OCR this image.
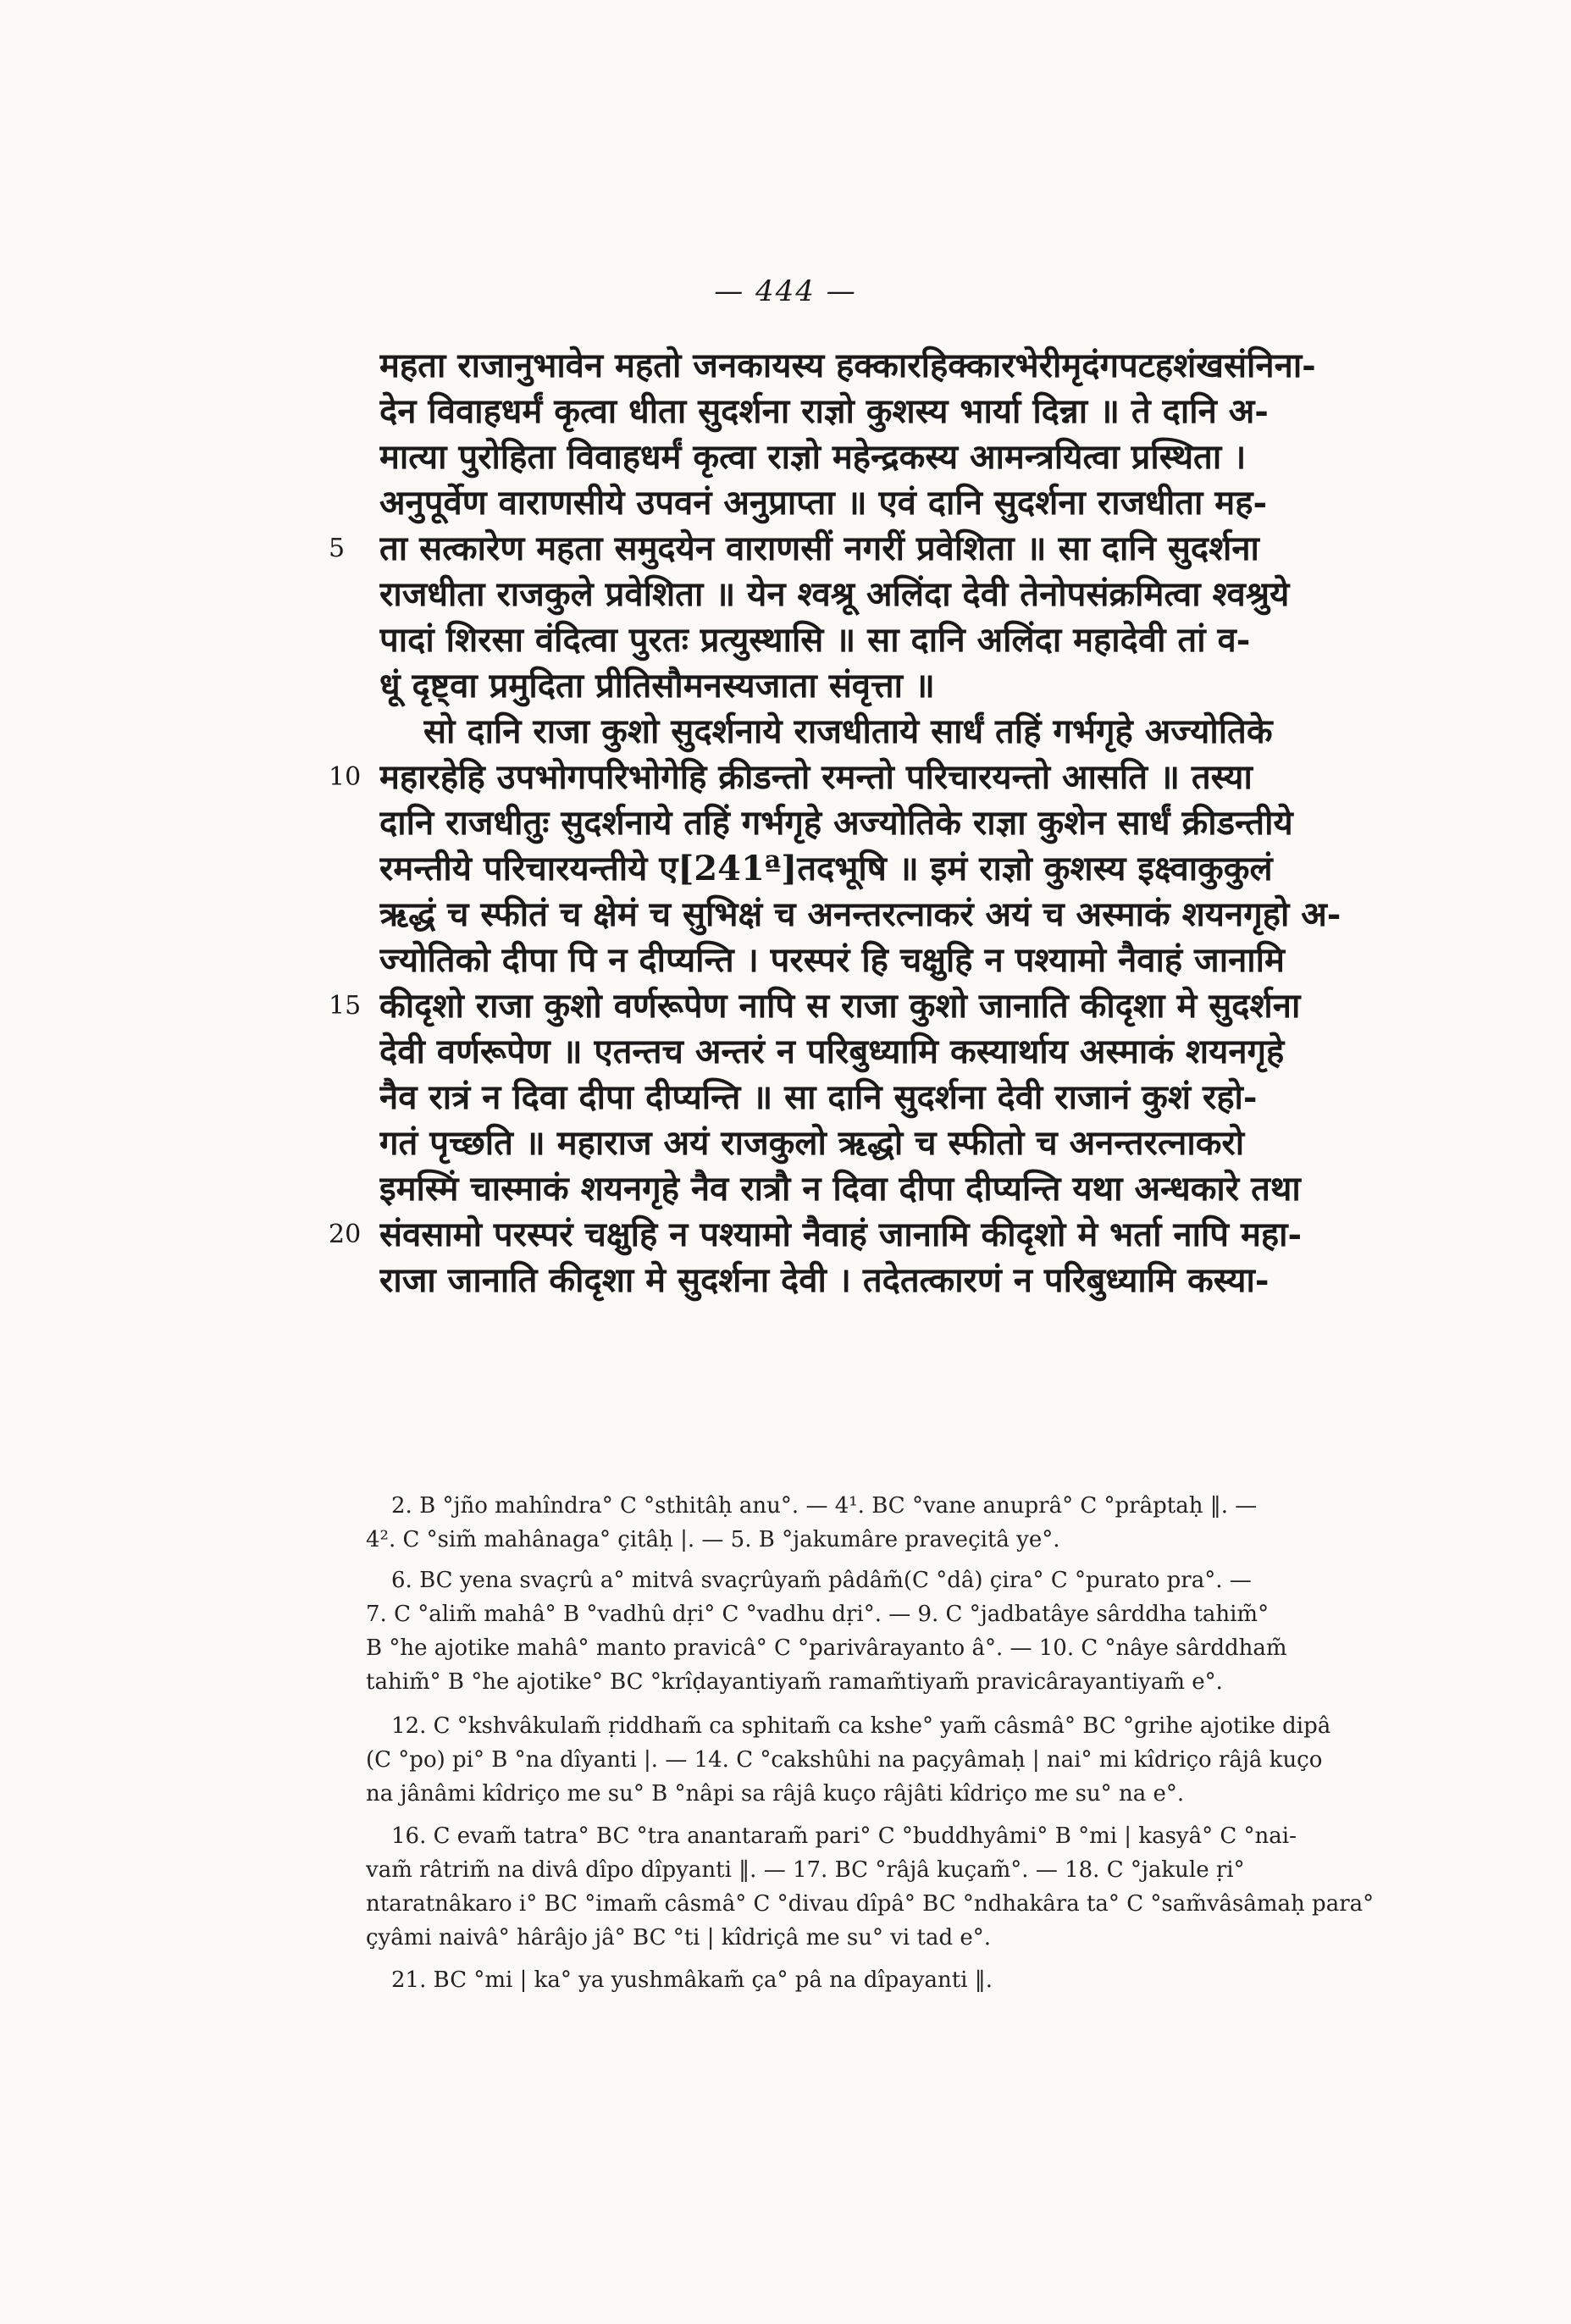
— 444 —
महता राजानुभावेन महतो जनकायस्य हक्कारहिक्कारभेरीमृदंगपटहशंखसंनिना-
देन विवाहधर्मं कृत्वा धीता सुदर्शना राज्ञो कुशस्य भार्या दिन्ना ॥ ते दानि अ-
मात्या पुरोहिता विवाहधर्मं कृत्वा राज्ञो महेन्द्रकस्य आमन्त्रयित्वा प्रस्थिता ।
अनुपूर्वेण वाराणसीये उपवनं अनुप्राप्ता ॥ एवं दानि सुदर्शना राजधीता मह-
5	ता सत्कारेण महता समुदयेन वाराणसीं नगरीं प्रवेशिता ॥ सा दानि सुदर्शना
राजधीता राजकुले प्रवेशिता ॥ येन श्वश्रू अलिंदा देवी तेनोपसंक्रमित्वा श्वश्रुये
पादां शिरसा वंदित्वा पुरतः प्रत्युस्थासि ॥ सा दानि अलिंदा महादेवी तां व-
धूं दृष्ट्वा प्रमुदिता प्रीतिसौमनस्यजाता संवृत्ता ॥
सो दानि राजा कुशो सुदर्शनाये राजधीताये सार्धं तहिं गर्भगृहे अज्योतिके
10 महारहेहि उपभोगपरिभोगेहि क्रीडन्तो रमन्तो परिचारयन्तो आसति ॥ तस्या
दानि राजधीतुः सुदर्शनाये तहिं गर्भगृहे अज्योतिके राज्ञा कुशेन सार्धं क्रीडन्तीये
रमन्तीये परिचारयन्तीये ए[241ª]तदभूषि ॥ इमं राज्ञो कुशस्य इक्ष्वाकुकुलं
ऋद्धं च स्फीतं च क्षेमं च सुभिक्षं च अनन्तरत्नाकरं अयं च अस्माकं शयनगृहो अ-
ज्योतिको दीपा पि न दीप्यन्ति । परस्परं हि चक्षुहि न पश्यामो नैवाहं जानामि
15 कीदृशो राजा कुशो वर्णरूपेण नापि स राजा कुशो जानाति कीदृशा मे सुदर्शना
देवी वर्णरूपेण ॥ एतन्तच अन्तरं न परिबुध्यामि कस्यार्थाय अस्माकं शयनगृहे
नैव रात्रं न दिवा दीपा दीप्यन्ति ॥ सा दानि सुदर्शना देवी राजानं कुशं रहो-
गतं पृच्छति ॥ महाराज अयं राजकुलो ऋद्धो च स्फीतो च अनन्तरत्नाकरो
इमस्मिं चास्माकं शयनगृहे नैव रात्रौ न दिवा दीपा दीप्यन्ति यथा अन्धकारे तथा
20 संवसामो परस्परं चक्षुहि न पश्यामो नैवाहं जानामि कीदृशो मे भर्ता नापि महा-
राजा जानाति कीदृशा मे सुदर्शना देवी । तदेतत्कारणं न परिबुध्यामि कस्या-
2. B °jño mahîndra° C °sthitâḥ anu°. — 4¹. BC °vane anuprâ° C °prâptaḥ ‖. —
4². C °sim̃ mahânaga° çitâḥ |. — 5. B °jakumâre praveçitâ ye°.
6. BC yena svaçrû a° mitvâ svaçrûyam̃ pâdâm̃(C °dâ) çira° C °purato pra°. —
7. C °alim̃ mahâ° B °vadhû dṛi° C °vadhu dṛi°. — 9. C °jadbatâye sârddha tahim̃°
B °he ajotike mahâ° manto pravicâ° C °parivârayanto â°. — 10. C °nâye sârddham̃
tahim̃° B °he ajotike° BC °krîḍayantiyam̃ ramam̃tiyam̃ pravicârayantiyam̃ e°.
12. C °kshvâkulam̃ ṛiddham̃ ca sphitam̃ ca kshe° yam̃ câsmâ° BC °grihe ajotike dipâ
(C °po) pi° B °na dîyanti |. — 14. C °cakshûhi na paçyâmaḥ | nai° mi kîdriço râjâ kuço
na jânâmi kîdriço me su° B °nâpi sa râjâ kuço râjâti kîdriço me su° na e°.
16. C evam̃ tatra° BC °tra anantaram̃ pari° C °buddhyâmi° B °mi | kasyâ° C °nai-
vam̃ râtrim̃ na divâ dîpo dîpyanti ‖. — 17. BC °râjâ kuçam̃°. — 18. C °jakule ṛi°
ntaratnâkaro i° BC °imam̃ câsmâ° C °divau dîpâ° BC °ndhakâra ta° C °sam̃vâsâmaḥ para°
çyâmi naivâ° hârâjo jâ° BC °ti | kîdriçâ me su° vi tad e°.
21. BC °mi | ka° ya yushmâkam̃ ça° pâ na dîpayanti ‖.
